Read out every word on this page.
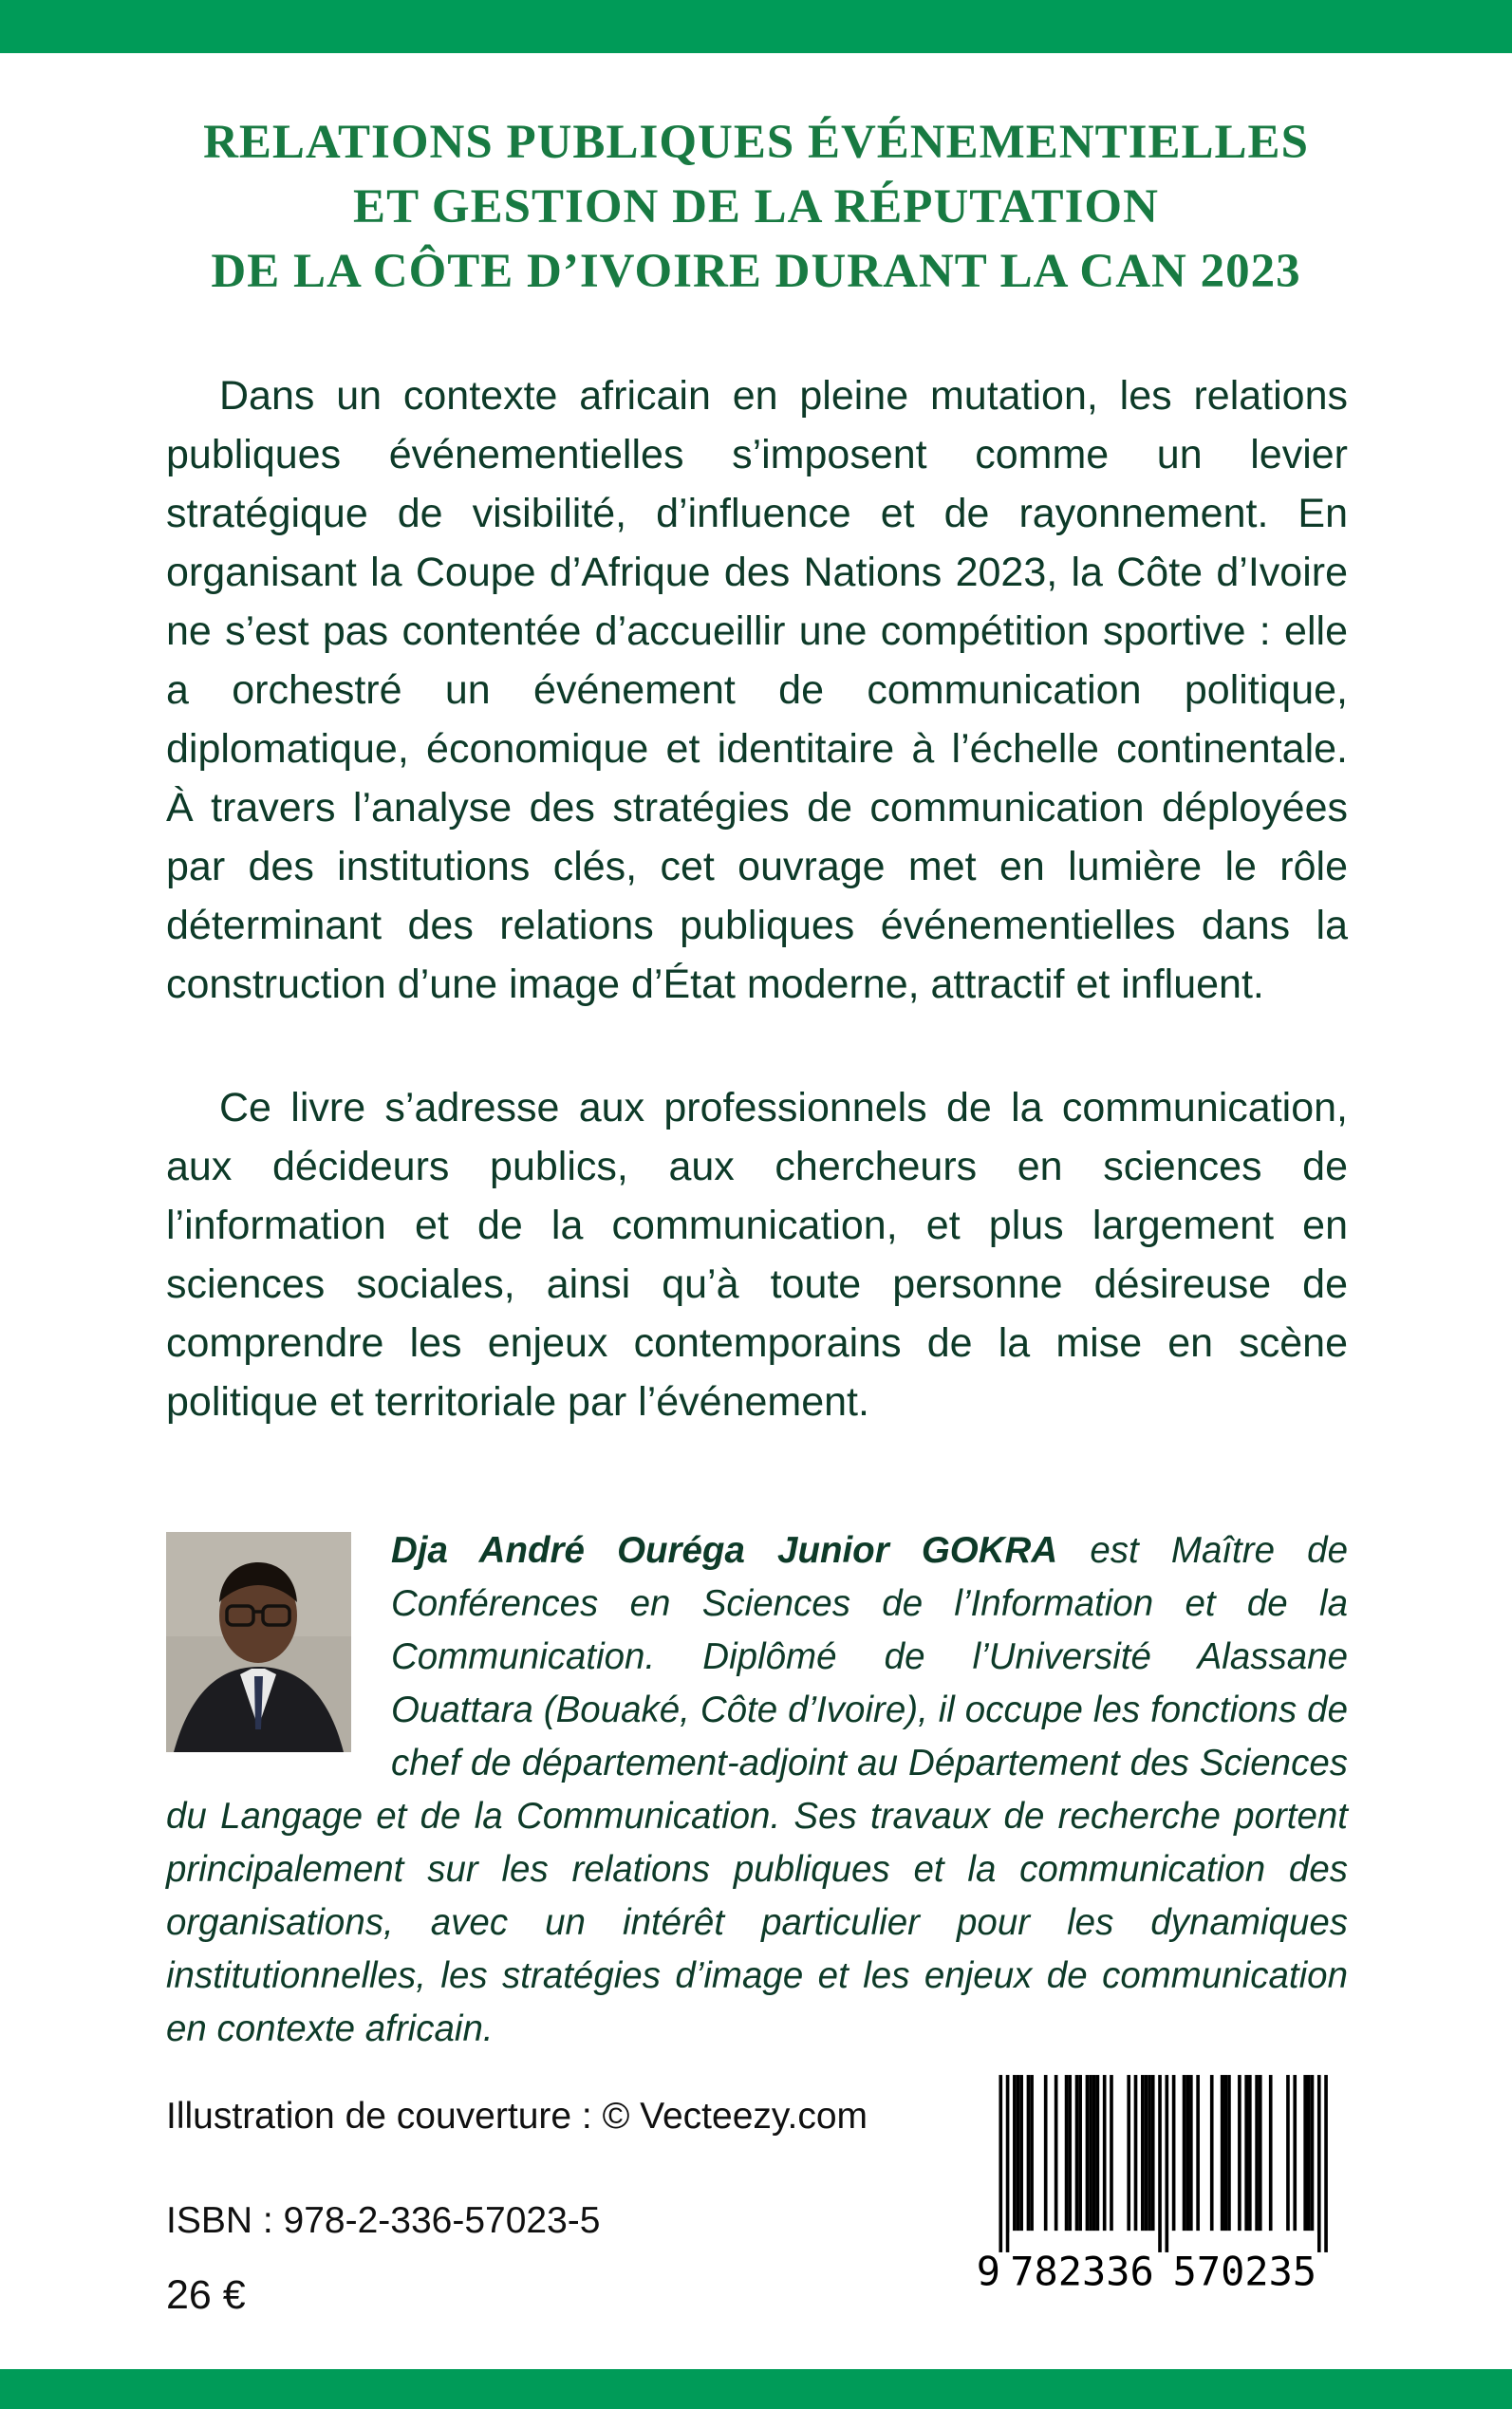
RELATIONS PUBLIQUES ÉVÉNEMENTIELLES
ET GESTION DE LA RÉPUTATION
DE LA CÔTE D’IVOIRE DURANT LA CAN 2023

Dans un contexte africain en pleine mutation, les relations publiques événementielles s’imposent comme un levier stratégique de visibilité, d’influence et de rayonnement. En organisant la Coupe d’Afrique des Nations 2023, la Côte d’Ivoire ne s’est pas contentée d’accueillir une compétition sportive : elle a orchestré un événement de communication politique, diplomatique, économique et identitaire à l’échelle continentale. À travers l’analyse des stratégies de communication déployées par des institutions clés, cet ouvrage met en lumière le rôle déterminant des relations publiques événementielles dans la construction d’une image d’État moderne, attractif et influent.

Ce livre s’adresse aux professionnels de la communication, aux décideurs publics, aux chercheurs en sciences de l’information et de la communication, et plus largement en sciences sociales, ainsi qu’à toute personne désireuse de comprendre les enjeux contemporains de la mise en scène politique et territoriale par l’événement.

Dja André Ouréga Junior GOKRA est Maître de Conférences en Sciences de l’Information et de la Communication. Diplômé de l’Université Alassane Ouattara (Bouaké, Côte d’Ivoire), il occupe les fonctions de chef de département-adjoint au Département des Sciences du Langage et de la Communication. Ses travaux de recherche portent principalement sur les relations publiques et la communication des organisations, avec un intérêt particulier pour les dynamiques institutionnelles, les stratégies d’image et les enjeux de communication en contexte africain.
Illustration de couverture : © Vecteezy.com
ISBN : 978-2-336-57023-5
26 €
9 782336 570235
